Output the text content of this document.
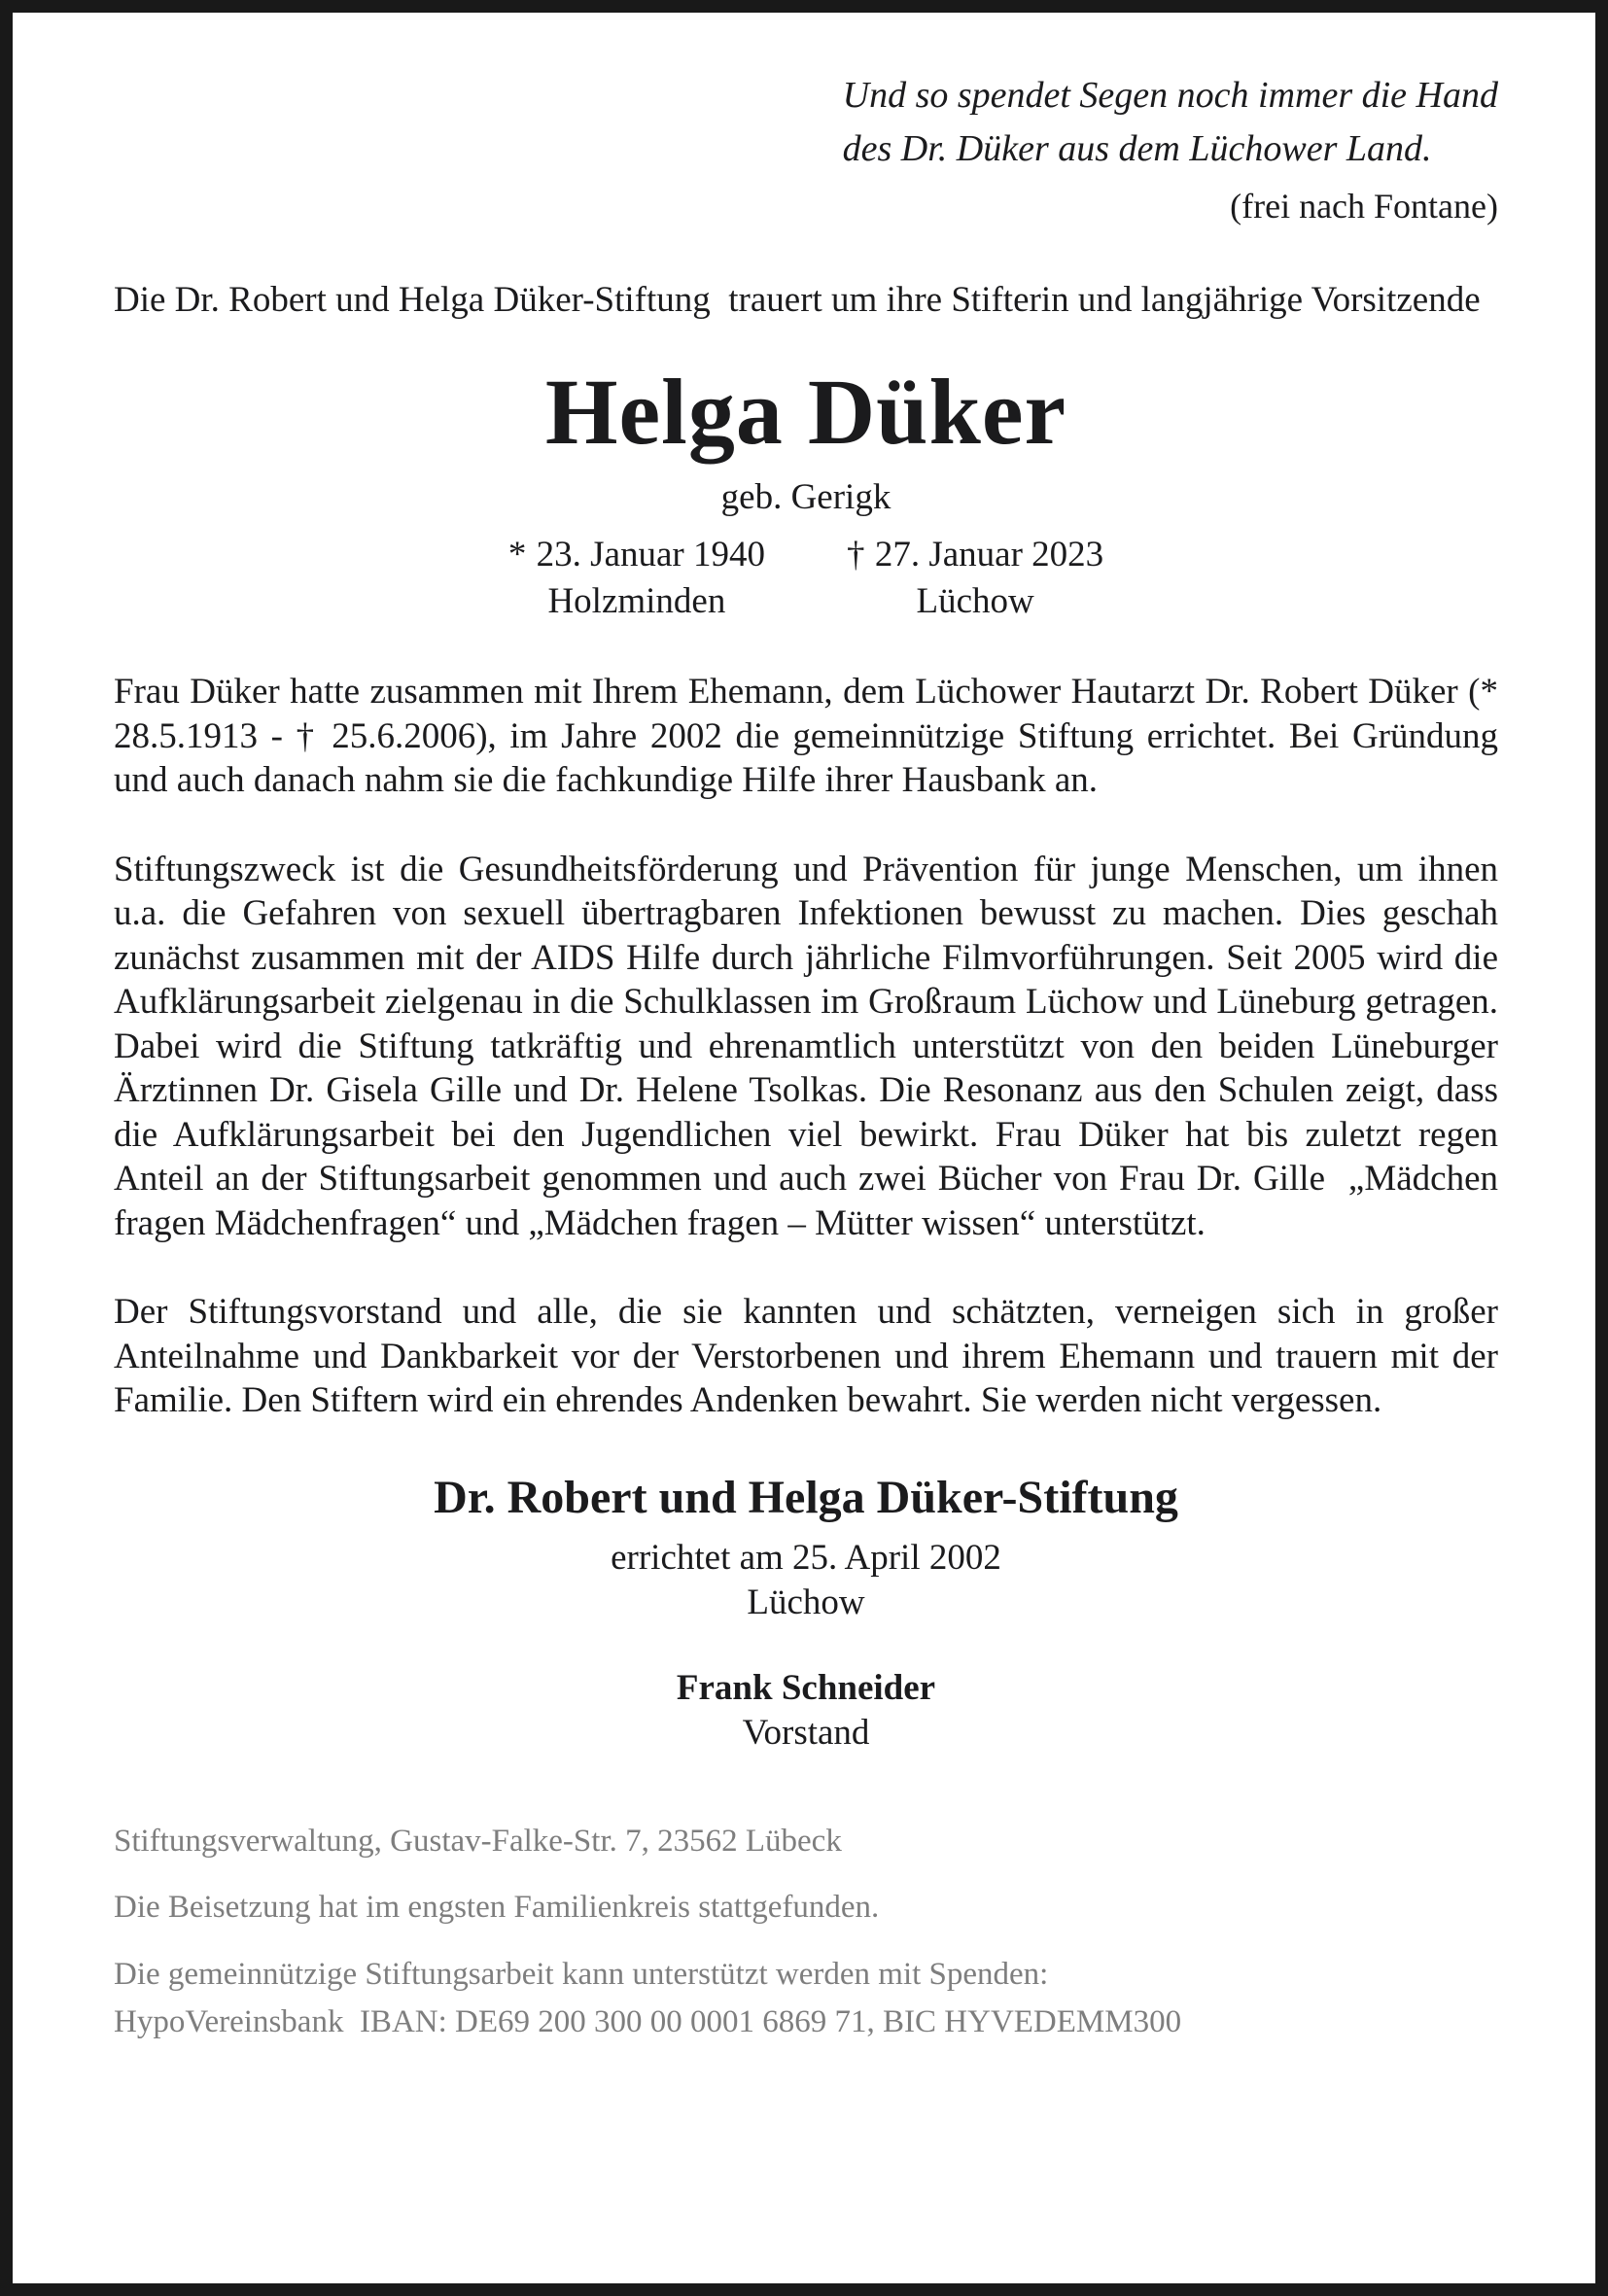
Und so spendet Segen noch immer die Hand
des Dr. Düker aus dem Lüchower Land.
(frei nach Fontane)
Die Dr. Robert und Helga Düker-Stiftung  trauert um ihre Stifterin und langjährige Vorsitzende
Helga Düker
geb. Gerigk
* 23. Januar 1940
Holzminden
† 27. Januar 2023
Lüchow

Frau Düker hatte zusammen mit Ihrem Ehemann, dem Lüchower Hautarzt Dr. Robert Düker (* 28.5.1913 - † 25.6.2006), im Jahre 2002 die gemeinnützige Stiftung errichtet. Bei Gründung und auch danach nahm sie die fachkundige Hilfe ihrer Hausbank an.

Stiftungszweck ist die Gesundheitsförderung und Prävention für junge Menschen, um ihnen u.a. die Gefahren von sexuell übertragbaren Infektionen bewusst zu machen. Dies geschah zunächst zusammen mit der AIDS Hilfe durch jährliche Filmvorführungen. Seit 2005 wird die Aufklärungsarbeit zielgenau in die Schulklassen im Großraum Lüchow und Lüneburg getragen. Dabei wird die Stiftung tatkräftig und ehrenamtlich unterstützt von den beiden Lüneburger Ärztinnen Dr. Gisela Gille und Dr. Helene Tsolkas. Die Resonanz aus den Schulen zeigt, dass die Aufklärungsarbeit bei den Jugendlichen viel bewirkt. Frau Düker hat bis zuletzt regen Anteil an der Stiftungsarbeit genommen und auch zwei Bücher von Frau Dr. Gille  „Mädchen fragen Mädchenfragen“ und „Mädchen fragen – Mütter wissen“ unterstützt.

Der Stiftungsvorstand und alle, die sie kannten und schätzten, verneigen sich in großer Anteilnahme und Dankbarkeit vor der Verstorbenen und ihrem Ehemann und trauern mit der Familie. Den Stiftern wird ein ehrendes Andenken bewahrt. Sie werden nicht vergessen.

Dr. Robert und Helga Düker-Stiftung
errichtet am 25. April 2002
Lüchow
Frank Schneider
Vorstand
Stiftungsverwaltung, Gustav-Falke-Str. 7, 23562 Lübeck
Die Beisetzung hat im engsten Familienkreis stattgefunden.
Die gemeinnützige Stiftungsarbeit kann unterstützt werden mit Spenden:
HypoVereinsbank  IBAN: DE69 200 300 00 0001 6869 71, BIC HYVEDEMM300
